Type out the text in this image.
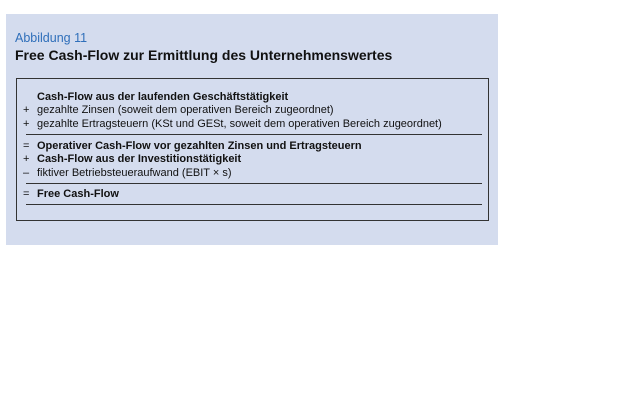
Abbildung 11
Free Cash-Flow zur Ermittlung des Unternehmenswertes
Cash-Flow aus der laufenden Geschäftstätigkeit
+ gezahlte Zinsen (soweit dem operativen Bereich zugeordnet)
+ gezahlte Ertragsteuern (KSt und GESt, soweit dem operativen Bereich zugeordnet)
= Operativer Cash-Flow vor gezahlten Zinsen und Ertragsteuern
+ Cash-Flow aus der Investitionstätigkeit
– fiktiver Betriebsteueraufwand (EBIT × s)
= Free Cash-Flow
